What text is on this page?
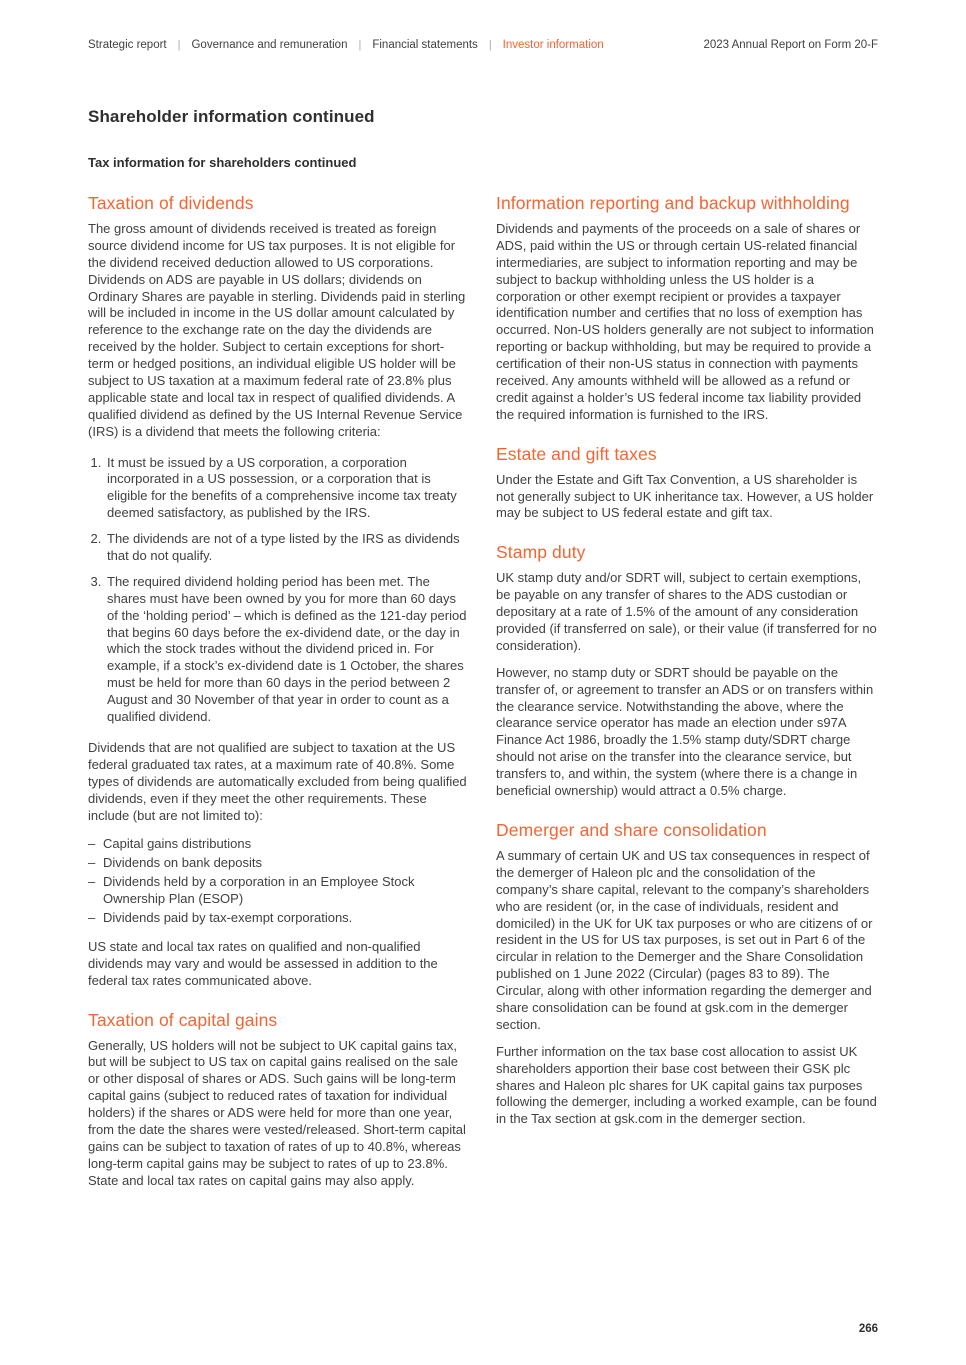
Strategic report | Governance and remuneration | Financial statements | Investor information	2023 Annual Report on Form 20-F
Shareholder information continued
Tax information for shareholders continued
Taxation of dividends

The gross amount of dividends received is treated as foreign source dividend income for US tax purposes. It is not eligible for the dividend received deduction allowed to US corporations. Dividends on ADS are payable in US dollars; dividends on Ordinary Shares are payable in sterling. Dividends paid in sterling will be included in income in the US dollar amount calculated by reference to the exchange rate on the day the dividends are received by the holder. Subject to certain exceptions for short-term or hedged positions, an individual eligible US holder will be subject to US taxation at a maximum federal rate of 23.8% plus applicable state and local tax in respect of qualified dividends. A qualified dividend as defined by the US Internal Revenue Service (IRS) is a dividend that meets the following criteria:

1. It must be issued by a US corporation, a corporation incorporated in a US possession, or a corporation that is eligible for the benefits of a comprehensive income tax treaty deemed satisfactory, as published by the IRS.
2. The dividends are not of a type listed by the IRS as dividends that do not qualify.
3. The required dividend holding period has been met. The shares must have been owned by you for more than 60 days of the ‘holding period’ – which is defined as the 121-day period that begins 60 days before the ex-dividend date, or the day in which the stock trades without the dividend priced in. For example, if a stock’s ex-dividend date is 1 October, the shares must be held for more than 60 days in the period between 2 August and 30 November of that year in order to count as a qualified dividend.

Dividends that are not qualified are subject to taxation at the US federal graduated tax rates, at a maximum rate of 40.8%. Some types of dividends are automatically excluded from being qualified dividends, even if they meet the other requirements. These include (but are not limited to):

– Capital gains distributions
– Dividends on bank deposits
– Dividends held by a corporation in an Employee Stock Ownership Plan (ESOP)
– Dividends paid by tax-exempt corporations.

US state and local tax rates on qualified and non-qualified dividends may vary and would be assessed in addition to the federal tax rates communicated above.

Taxation of capital gains

Generally, US holders will not be subject to UK capital gains tax, but will be subject to US tax on capital gains realised on the sale or other disposal of shares or ADS. Such gains will be long-term capital gains (subject to reduced rates of taxation for individual holders) if the shares or ADS were held for more than one year, from the date the shares were vested/released. Short-term capital gains can be subject to taxation of rates of up to 40.8%, whereas long-term capital gains may be subject to rates of up to 23.8%. State and local tax rates on capital gains may also apply.

Information reporting and backup withholding

Dividends and payments of the proceeds on a sale of shares or ADS, paid within the US or through certain US-related financial intermediaries, are subject to information reporting and may be subject to backup withholding unless the US holder is a corporation or other exempt recipient or provides a taxpayer identification number and certifies that no loss of exemption has occurred. Non-US holders generally are not subject to information reporting or backup withholding, but may be required to provide a certification of their non-US status in connection with payments received. Any amounts withheld will be allowed as a refund or credit against a holder’s US federal income tax liability provided the required information is furnished to the IRS.

Estate and gift taxes

Under the Estate and Gift Tax Convention, a US shareholder is not generally subject to UK inheritance tax. However, a US holder may be subject to US federal estate and gift tax.

Stamp duty

UK stamp duty and/or SDRT will, subject to certain exemptions, be payable on any transfer of shares to the ADS custodian or depositary at a rate of 1.5% of the amount of any consideration provided (if transferred on sale), or their value (if transferred for no consideration).

However, no stamp duty or SDRT should be payable on the transfer of, or agreement to transfer an ADS or on transfers within the clearance service. Notwithstanding the above, where the clearance service operator has made an election under s97A Finance Act 1986, broadly the 1.5% stamp duty/SDRT charge should not arise on the transfer into the clearance service, but transfers to, and within, the system (where there is a change in beneficial ownership) would attract a 0.5% charge.

Demerger and share consolidation

A summary of certain UK and US tax consequences in respect of the demerger of Haleon plc and the consolidation of the company’s share capital, relevant to the company’s shareholders who are resident (or, in the case of individuals, resident and domiciled) in the UK for UK tax purposes or who are citizens of or resident in the US for US tax purposes, is set out in Part 6 of the circular in relation to the Demerger and the Share Consolidation published on 1 June 2022 (Circular) (pages 83 to 89). The Circular, along with other information regarding the demerger and share consolidation can be found at gsk.com in the demerger section.

Further information on the tax base cost allocation to assist UK shareholders apportion their base cost between their GSK plc shares and Haleon plc shares for UK capital gains tax purposes following the demerger, including a worked example, can be found in the Tax section at gsk.com in the demerger section.

266
